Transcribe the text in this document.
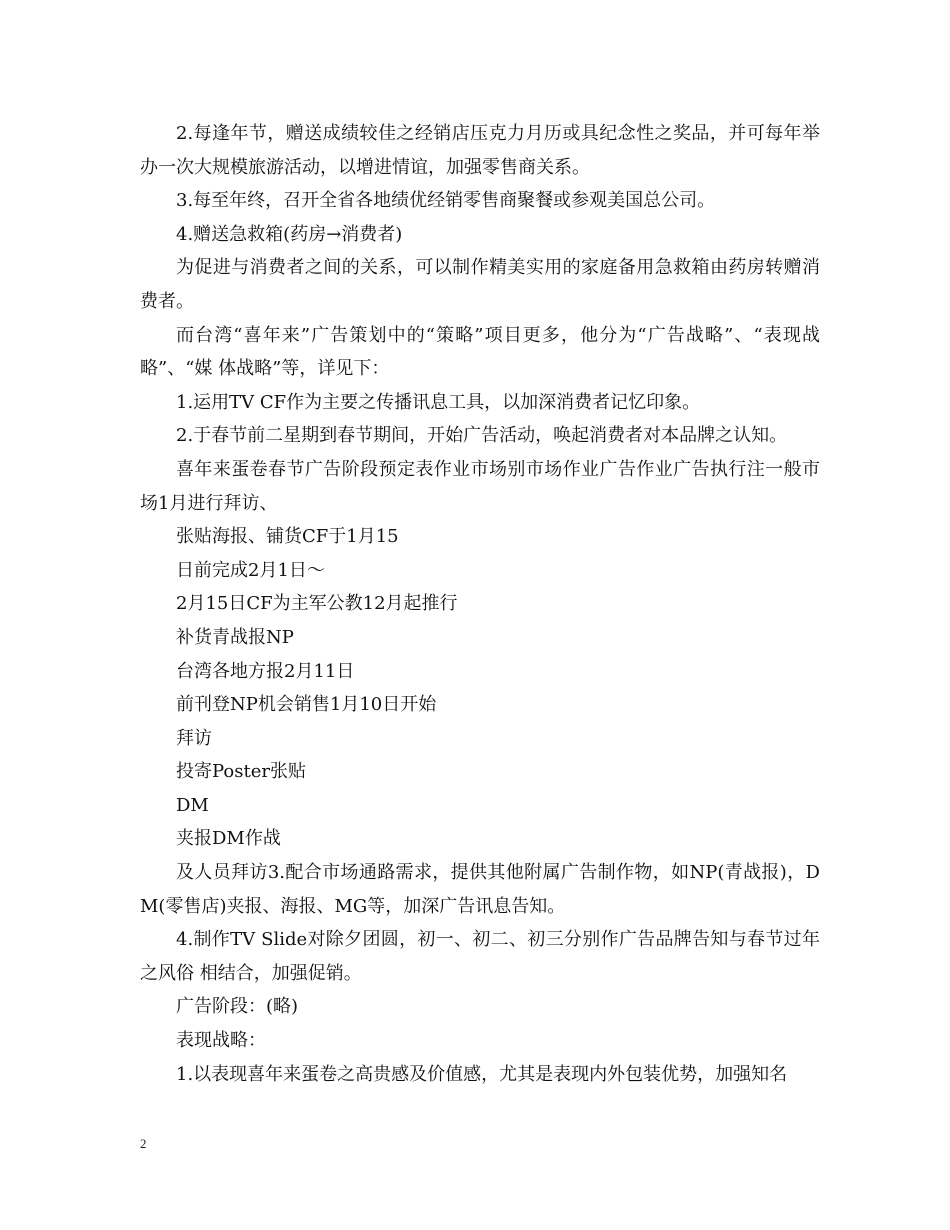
2.每逢年节，赠送成绩较佳之经销店压克力月历或具纪念性之奖品，并可每年举办一次大规模旅游活动，以增进情谊，加强零售商关系。

3.每至年终，召开全省各地绩优经销零售商聚餐或参观美国总公司。

4.赠送急救箱(药房→消费者)

为促进与消费者之间的关系，可以制作精美实用的家庭备用急救箱由药房转赠消费者。

而台湾“喜年来”广告策划中的“策略”项目更多，他分为“广告战略”、“表现战略”、“媒 体战略”等，详见下：

1.运用TV CF作为主要之传播讯息工具，以加深消费者记忆印象。

2.于春节前二星期到春节期间，开始广告活动，唤起消费者对本品牌之认知。

喜年来蛋卷春节广告阶段预定表作业市场别市场作业广告作业广告执行注一般市场1月进行拜访、

张贴海报、铺货CF于1月15

日前完成2月1日～

2月15日CF为主军公教12月起推行

补货青战报NP

台湾各地方报2月11日

前刊登NP机会销售1月10日开始

拜访

投寄Poster张贴

DM

夹报DM作战

及人员拜访3.配合市场通路需求，提供其他附属广告制作物，如NP(青战报)，DM(零售店)夹报、海报、MG等，加深广告讯息告知。

4.制作TV Slide对除夕团圆，初一、初二、初三分别作广告品牌告知与春节过年之风俗 相结合，加强促销。

广告阶段：(略)

表现战略：

1.以表现喜年来蛋卷之高贵感及价值感，尤其是表现内外包装优势，加强知名

2
